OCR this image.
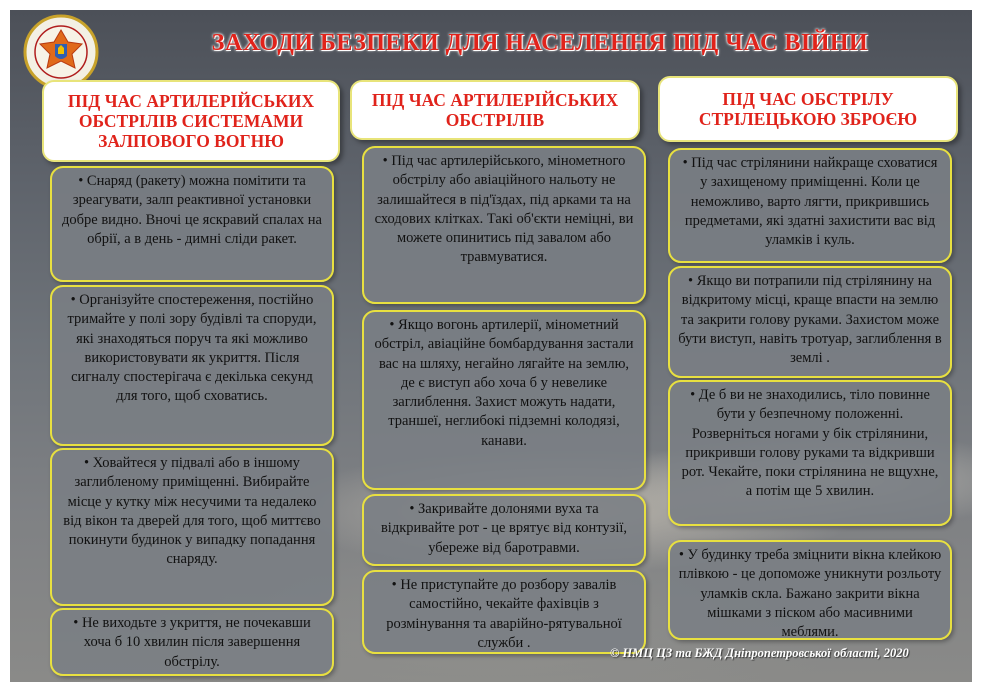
ЗАХОДИ БЕЗПЕКИ ДЛЯ НАСЕЛЕННЯ ПІД ЧАС ВІЙНИ
ПІД ЧАС АРТИЛЕРІЙСЬКИХ ОБСТРІЛІВ СИСТЕМАМИ ЗАЛПОВОГО ВОГНЮ
• Снаряд (ракету) можна помітити та зреагувати, залп реактивної установки добре видно. Вночі це яскравий спалах на обрії, а в день - димні сліди ракет.
• Організуйте спостереження, постійно тримайте у полі зору будівлі та споруди, які знаходяться поруч та які можливо використовувати як укриття. Після сигналу спостерігача є декілька секунд для того, щоб сховатись.
• Ховайтеся у підвалі або в іншому заглибленому приміщенні. Вибирайте місце у кутку між несучими та недалеко від вікон та дверей для того, щоб миттєво покинути будинок у випадку попадання снаряду.
• Не виходьте з укриття, не почекавши хоча б 10 хвилин після завершення обстрілу.
ПІД ЧАС АРТИЛЕРІЙСЬКИХ ОБСТРІЛІВ
• Під час артилерійського, мінометного обстрілу або авіаційного нальоту не залишайтеся в під'їздах, під арками та на сходових клітках. Такі об'єкти неміцні, ви можете опинитись під завалом або травмуватися.
• Якщо вогонь артилерії, мінометний обстріл, авіаційне бомбардування застали вас на шляху, негайно лягайте на землю, де є виступ або хоча б у невелике заглиблення. Захист можуть надати, траншеї, неглибокі підземні колодязі, канави.
• Закривайте долонями вуха та відкривайте рот - це врятує від контузії, убереже від баротравми.
• Не приступайте до розбору завалів самостійно, чекайте фахівців з розмінування та аварійно-рятувальної служби .
ПІД ЧАС ОБСТРІЛУ СТРІЛЕЦЬКОЮ ЗБРОЄЮ
• Під час стрілянини найкраще сховатися у захищеному приміщенні. Коли це неможливо, варто лягти, прикрившись предметами, які здатні захистити вас від уламків і куль.
• Якщо ви потрапили під стрілянину на відкритому місці, краще впасти на землю та закрити голову руками. Захистом може бути виступ, навіть тротуар, заглиблення в землі .
• Де б ви не знаходились, тіло повинне бути у безпечному положенні. Розверніться ногами у бік стрілянини, прикривши голову руками та відкривши рот. Чекайте, поки стрілянина не вщухне, а потім ще 5 хвилин.
• У будинку треба зміцнити вікна клейкою плівкою - це допоможе уникнути розльоту уламків скла. Бажано закрити вікна мішками з піском або масивними меблями.
© НМЦ ЦЗ та БЖД Дніпропетровської області, 2020
